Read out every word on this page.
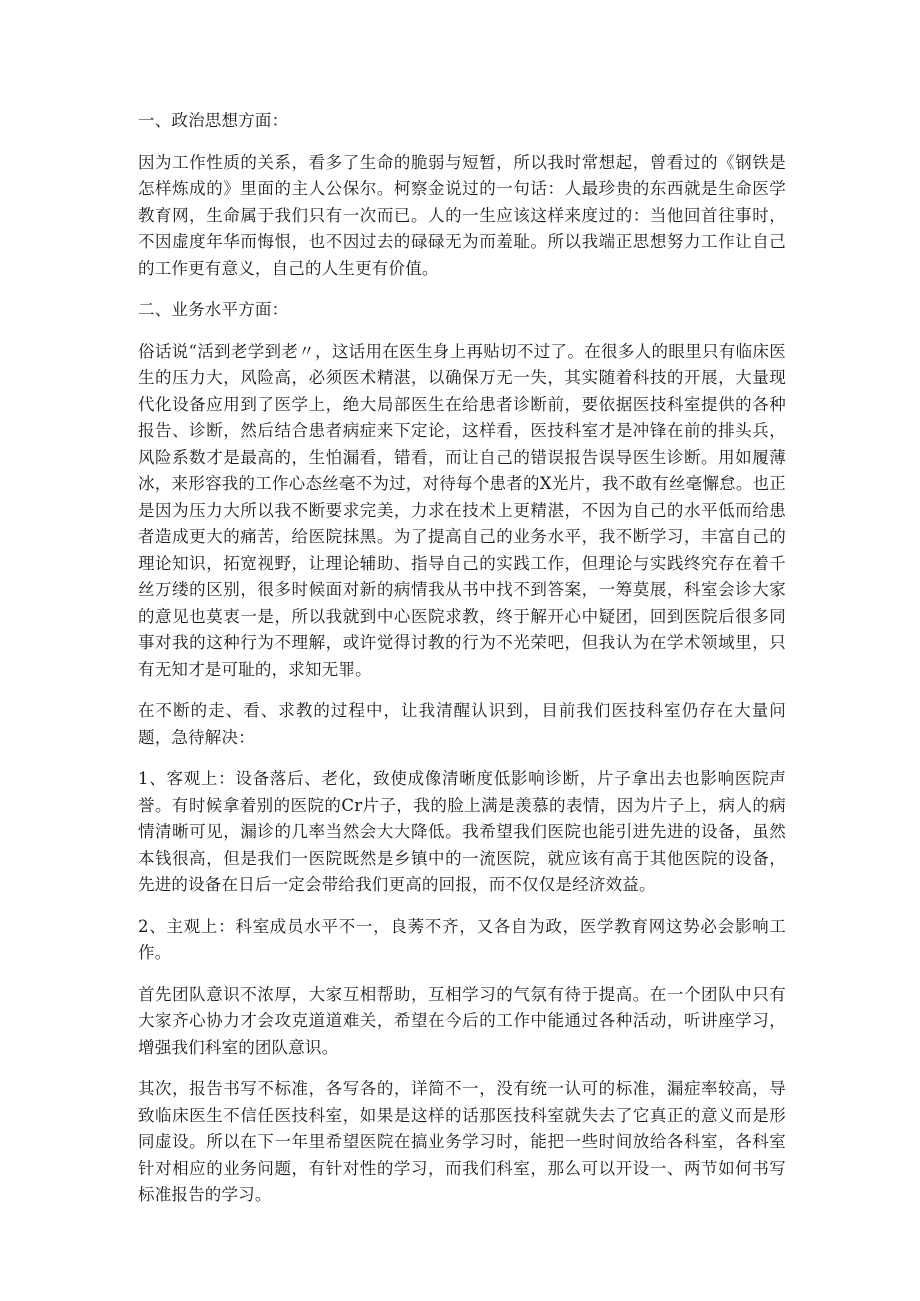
一、政治思想方面：

因为工作性质的关系，看多了生命的脆弱与短暂，所以我时常想起，曾看过的《钢铁是怎样炼成的》里面的主人公保尔。柯察金说过的一句话：人最珍贵的东西就是生命医学教育网，生命属于我们只有一次而已。人的一生应该这样来度过的：当他回首往事时，不因虚度年华而悔恨，也不因过去的碌碌无为而羞耻。所以我端正思想努力工作让自己的工作更有意义，自己的人生更有价值。

二、业务水平方面：

俗话说“活到老学到老〃，这话用在医生身上再贴切不过了。在很多人的眼里只有临床医生的压力大，风险高，必须医术精湛，以确保万无一失，其实随着科技的开展，大量现代化设备应用到了医学上，绝大局部医生在给患者诊断前，要依据医技科室提供的各种报告、诊断，然后结合患者病症来下定论，这样看，医技科室才是冲锋在前的排头兵，风险系数才是最高的，生怕漏看，错看，而让自己的错误报告误导医生诊断。用如履薄冰，来形容我的工作心态丝毫不为过，对待每个患者的X光片，我不敢有丝毫懈怠。也正是因为压力大所以我不断要求完美，力求在技术上更精湛，不因为自己的水平低而给患者造成更大的痛苦，给医院抹黑。为了提高自己的业务水平，我不断学习，丰富自己的理论知识，拓宽视野，让理论辅助、指导自己的实践工作，但理论与实践终究存在着千丝万缕的区别，很多时候面对新的病情我从书中找不到答案，一筹莫展，科室会诊大家的意见也莫衷一是，所以我就到中心医院求教，终于解开心中疑团，回到医院后很多同事对我的这种行为不理解，或许觉得讨教的行为不光荣吧，但我认为在学术领域里，只有无知才是可耻的，求知无罪。

在不断的走、看、求教的过程中，让我清醒认识到，目前我们医技科室仍存在大量问题，急待解决：

1、客观上：设备落后、老化，致使成像清晰度低影响诊断，片子拿出去也影响医院声誉。有时候拿着别的医院的Cr片子，我的脸上满是羡慕的表情，因为片子上，病人的病情清晰可见，漏诊的几率当然会大大降低。我希望我们医院也能引进先进的设备，虽然本钱很高，但是我们一医院既然是乡镇中的一流医院，就应该有高于其他医院的设备，先进的设备在日后一定会带给我们更高的回报，而不仅仅是经济效益。

2、主观上：科室成员水平不一，良莠不齐，又各自为政，医学教育网这势必会影响工作。

首先团队意识不浓厚，大家互相帮助，互相学习的气氛有待于提高。在一个团队中只有大家齐心协力才会攻克道道难关，希望在今后的工作中能通过各种活动，听讲座学习，增强我们科室的团队意识。

其次，报告书写不标准，各写各的，详简不一，没有统一认可的标准，漏症率较高，导致临床医生不信任医技科室，如果是这样的话那医技科室就失去了它真正的意义而是形同虚设。所以在下一年里希望医院在搞业务学习时，能把一些时间放给各科室，各科室针对相应的业务问题，有针对性的学习，而我们科室，那么可以开设一、两节如何书写标准报告的学习。
